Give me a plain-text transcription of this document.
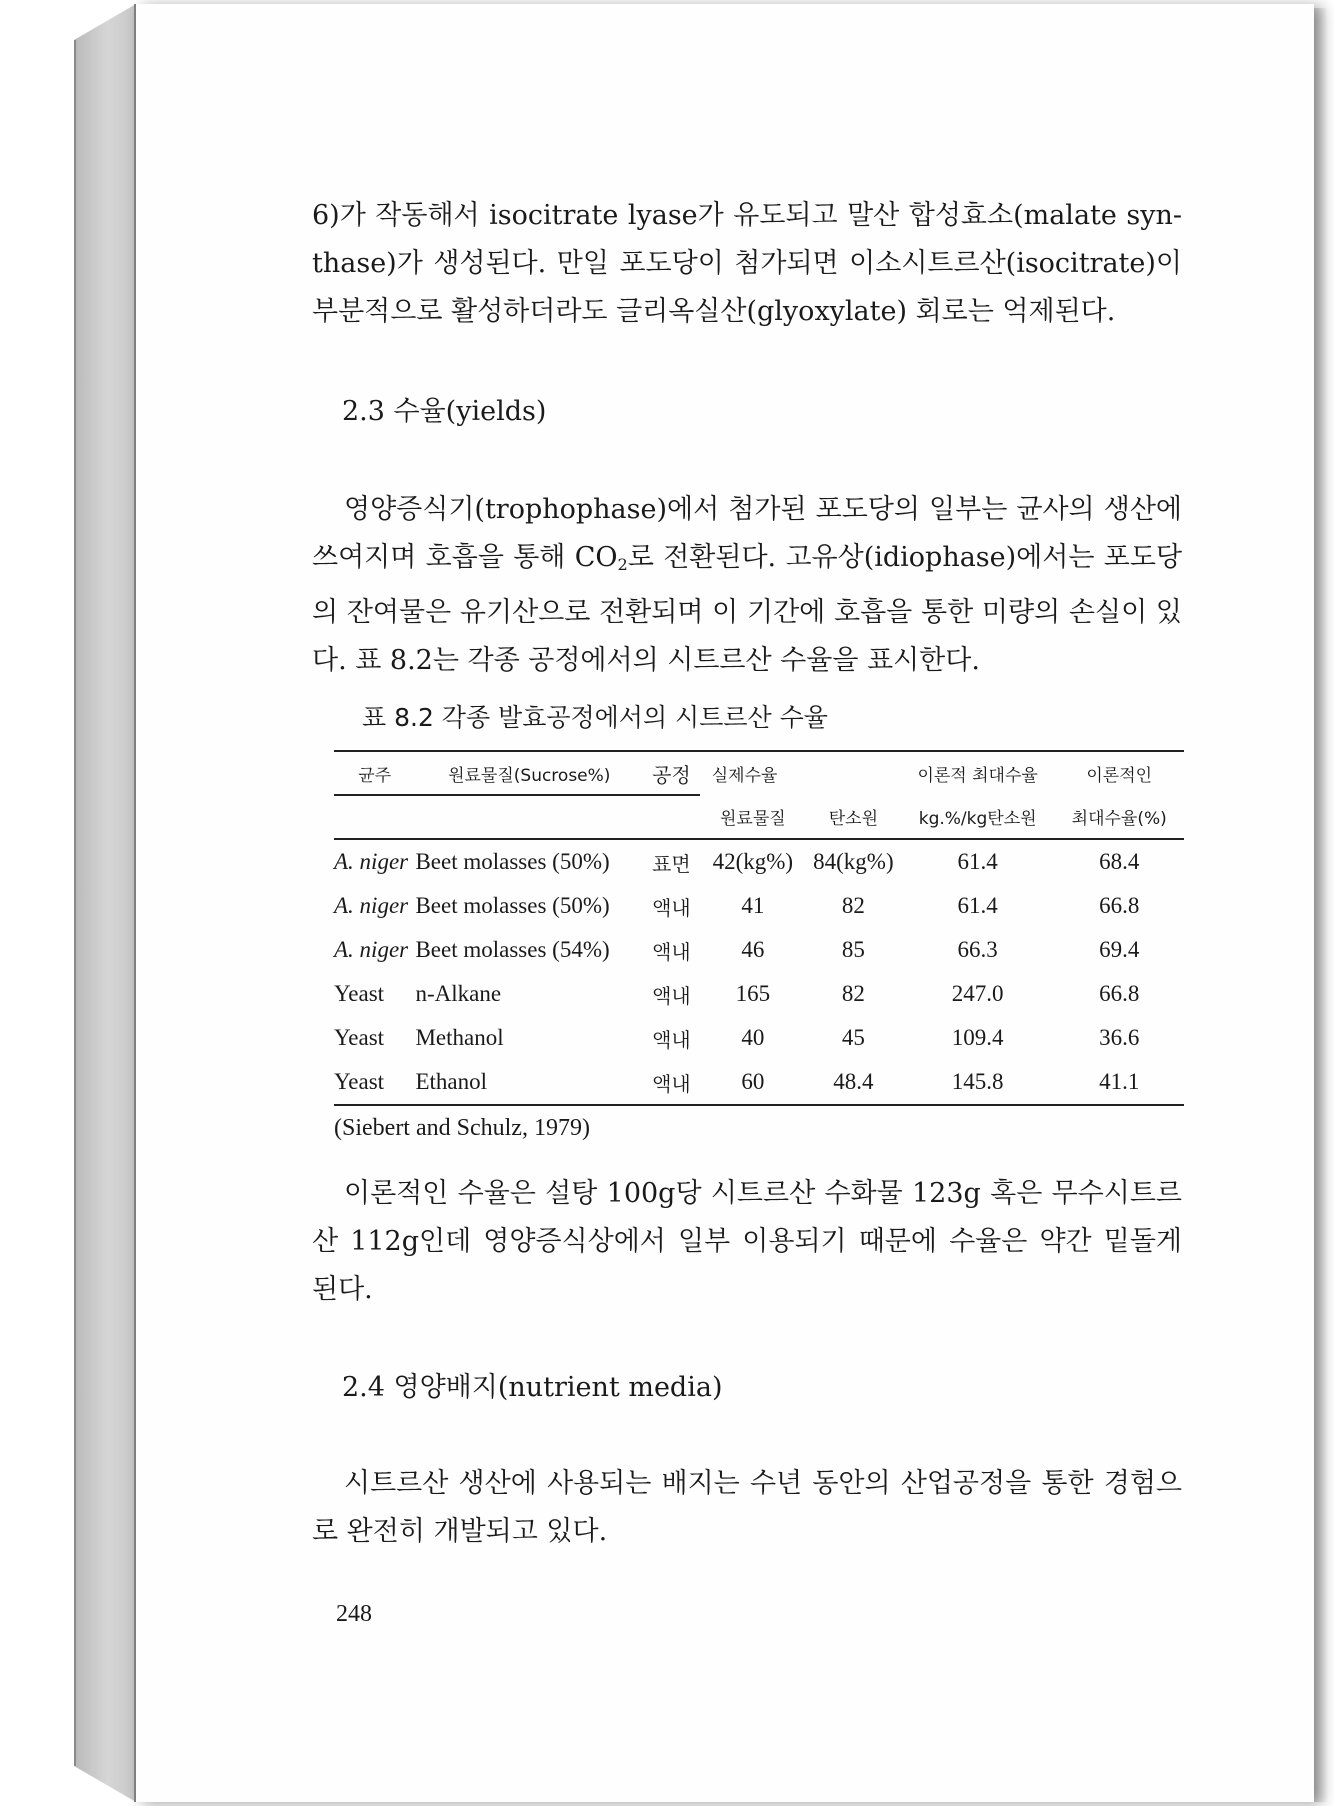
6)가 작동해서 isocitrate lyase가 유도되고 말산 합성효소(malate syn-thase)가 생성된다. 만일 포도당이 첨가되면 이소시트르산(isocitrate)이 부분적으로 활성하더라도 글리옥실산(glyoxylate) 회로는 억제된다.

2.3 수율(yields)

영양증식기(trophophase)에서 첨가된 포도당의 일부는 균사의 생산에 쓰여지며 호흡을 통해 $CO_2$로 전환된다. 고유상(idiophase)에서는 포도당의 잔여물은 유기산으로 전환되며 이 기간에 호흡을 통한 미량의 손실이 있다. 표 8.2는 각종 공정에서의 시트르산 수율을 표시한다.

표 8.2 각종 발효공정에서의 시트르산 수율
균주	원료물질(Sucrose%)	공정	실제수율		이론적 최대수율	이론적인
			원료물질	탄소원	kg.%/kg탄소원	최대수율(%)
A. niger	Beet molasses (50%)	표면	42(kg%)	84(kg%)	61.4	68.4
A. niger	Beet molasses (50%)	액내	41	82	61.4	66.8
A. niger	Beet molasses (54%)	액내	46	85	66.3	69.4
Yeast	n-Alkane	액내	165	82	247.0	66.8
Yeast	Methanol	액내	40	45	109.4	36.6
Yeast	Ethanol	액내	60	48.4	145.8	41.1
(Siebert and Schulz, 1979)

이론적인 수율은 설탕 100g당 시트르산 수화물 123g 혹은 무수시트르산 112g인데 영양증식상에서 일부 이용되기 때문에 수율은 약간 밑돌게 된다.

2.4 영양배지(nutrient media)

시트르산 생산에 사용되는 배지는 수년 동안의 산업공정을 통한 경험으로 완전히 개발되고 있다.

248
